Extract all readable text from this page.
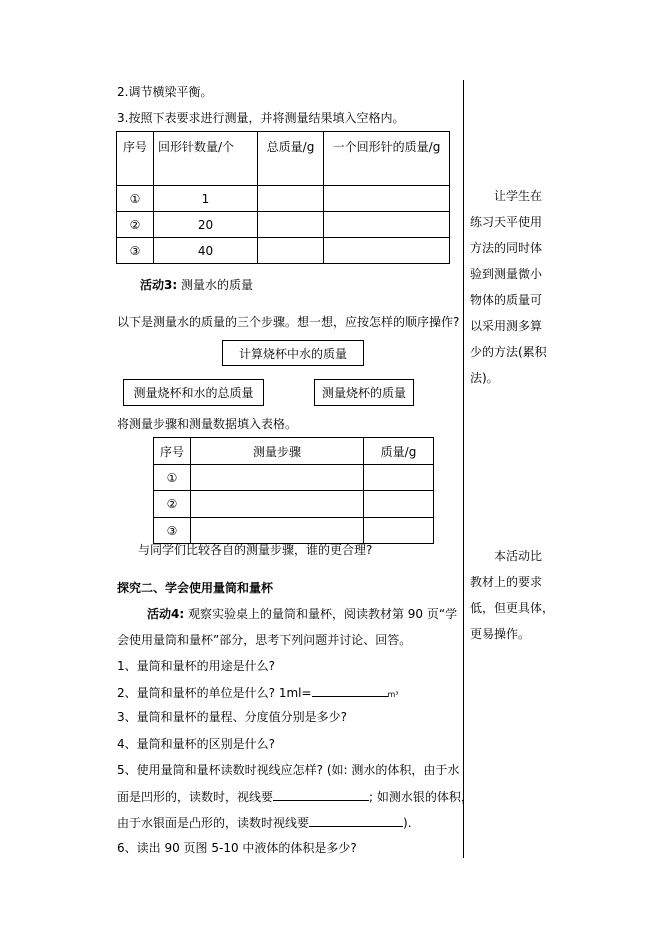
2.调节横梁平衡。
3.按照下表要求进行测量，并将测量结果填入空格内。
序号	回形针数量/个	总质量/g	一个回形针的质量/g
①	1		
②	20		
③	40		
活动3: 测量水的质量
以下是测量水的质量的三个步骤。想一想，应按怎样的顺序操作?
计算烧杯中水的质量
测量烧杯和水的总质量	测量烧杯的质量
将测量步骤和测量数据填入表格。
序号	测量步骤	质量/g
①		
②		
③		
与同学们比较各自的测量步骤，谁的更合理?
探究二、学会使用量筒和量杯
活动4: 观察实验桌上的量筒和量杯，阅读教材第 90 页“学
会使用量筒和量杯”部分，思考下列问题并讨论、回答。
1、量筒和量杯的用途是什么?
2、量筒和量杯的单位是什么? 1ml=	m³
3、量筒和量杯的量程、分度值分别是多少?
4、量筒和量杯的区别是什么?
5、使用量筒和量杯读数时视线应怎样? (如: 测水的体积，由于水
面是凹形的，读数时，视线要	; 如测水银的体积，
由于水银面是凸形的，读数时视线要	).
6、读出 90 页图 5-10 中液体的体积是多少?
让学生在
练习天平使用
方法的同时体
验到测量微小
物体的质量可
以采用测多算
少的方法(累积
法)。
本活动比
教材上的要求
低，但更具体，
更易操作。
